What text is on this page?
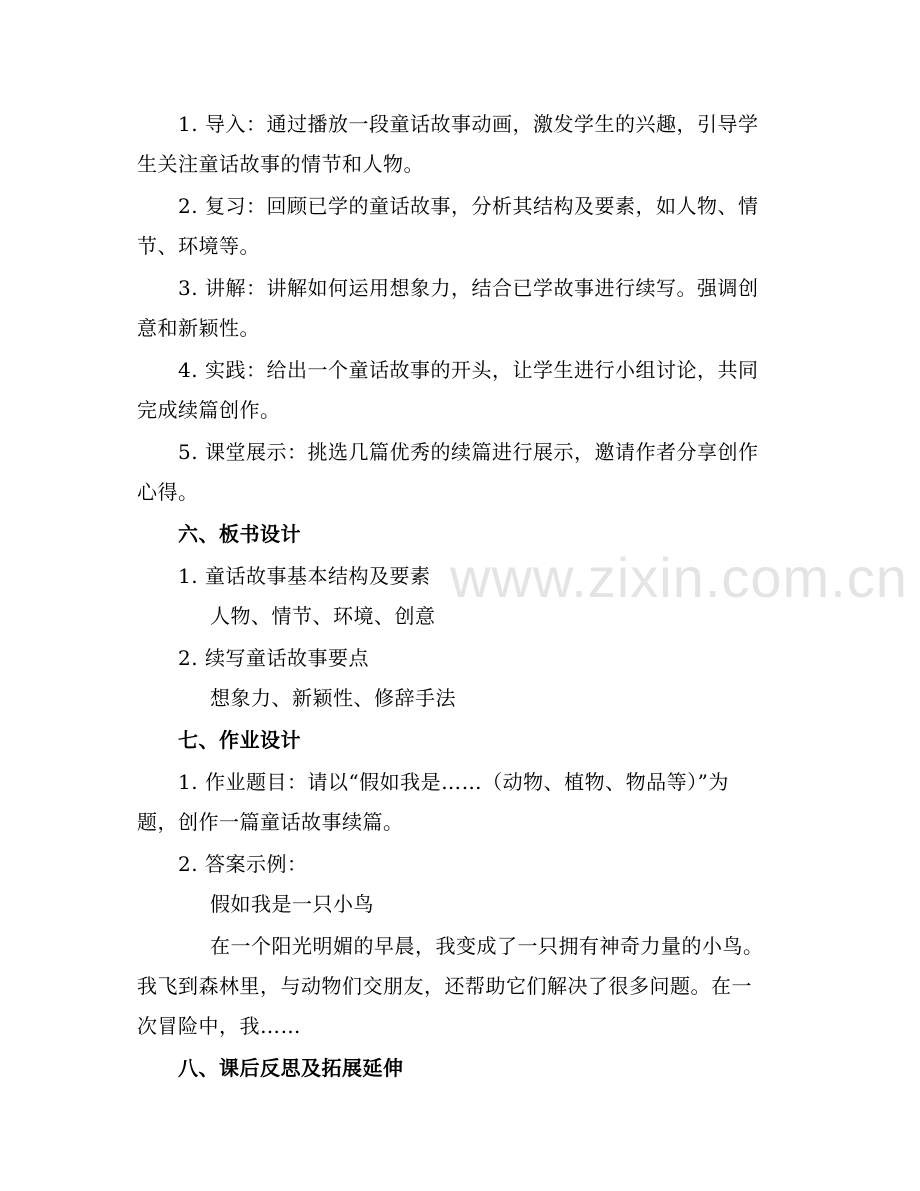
www.zixin.com.cn
1. 导入：通过播放一段童话故事动画，激发学生的兴趣，引导学
生关注童话故事的情节和人物。
2. 复习：回顾已学的童话故事，分析其结构及要素，如人物、情
节、环境等。
3. 讲解：讲解如何运用想象力，结合已学故事进行续写。强调创
意和新颖性。
4. 实践：给出一个童话故事的开头，让学生进行小组讨论，共同
完成续篇创作。
5. 课堂展示：挑选几篇优秀的续篇进行展示，邀请作者分享创作
心得。
六、板书设计
1. 童话故事基本结构及要素
人物、情节、环境、创意
2. 续写童话故事要点
想象力、新颖性、修辞手法
七、作业设计
1. 作业题目：请以“假如我是……（动物、植物、物品等）”为
题，创作一篇童话故事续篇。
2. 答案示例：
假如我是一只小鸟
在一个阳光明媚的早晨，我变成了一只拥有神奇力量的小鸟。
我飞到森林里，与动物们交朋友，还帮助它们解决了很多问题。在一
次冒险中，我……
八、课后反思及拓展延伸
